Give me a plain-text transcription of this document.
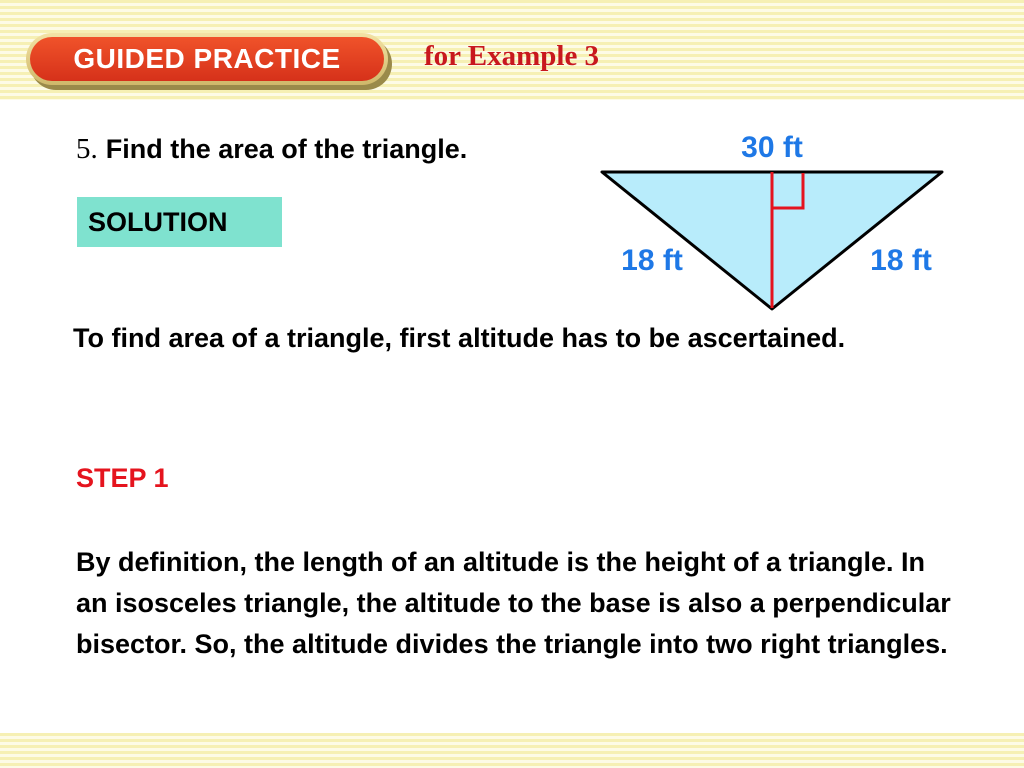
GUIDED PRACTICE	for Example 3
5. Find the area of the triangle.
SOLUTION
30 ft
18 ft	18 ft
To find area of a triangle, first altitude has to be ascertained.
STEP 1
By definition, the length of an altitude is the height of a triangle. In an isosceles triangle, the altitude to the base is also a perpendicular bisector. So, the altitude divides the triangle into two right triangles.
